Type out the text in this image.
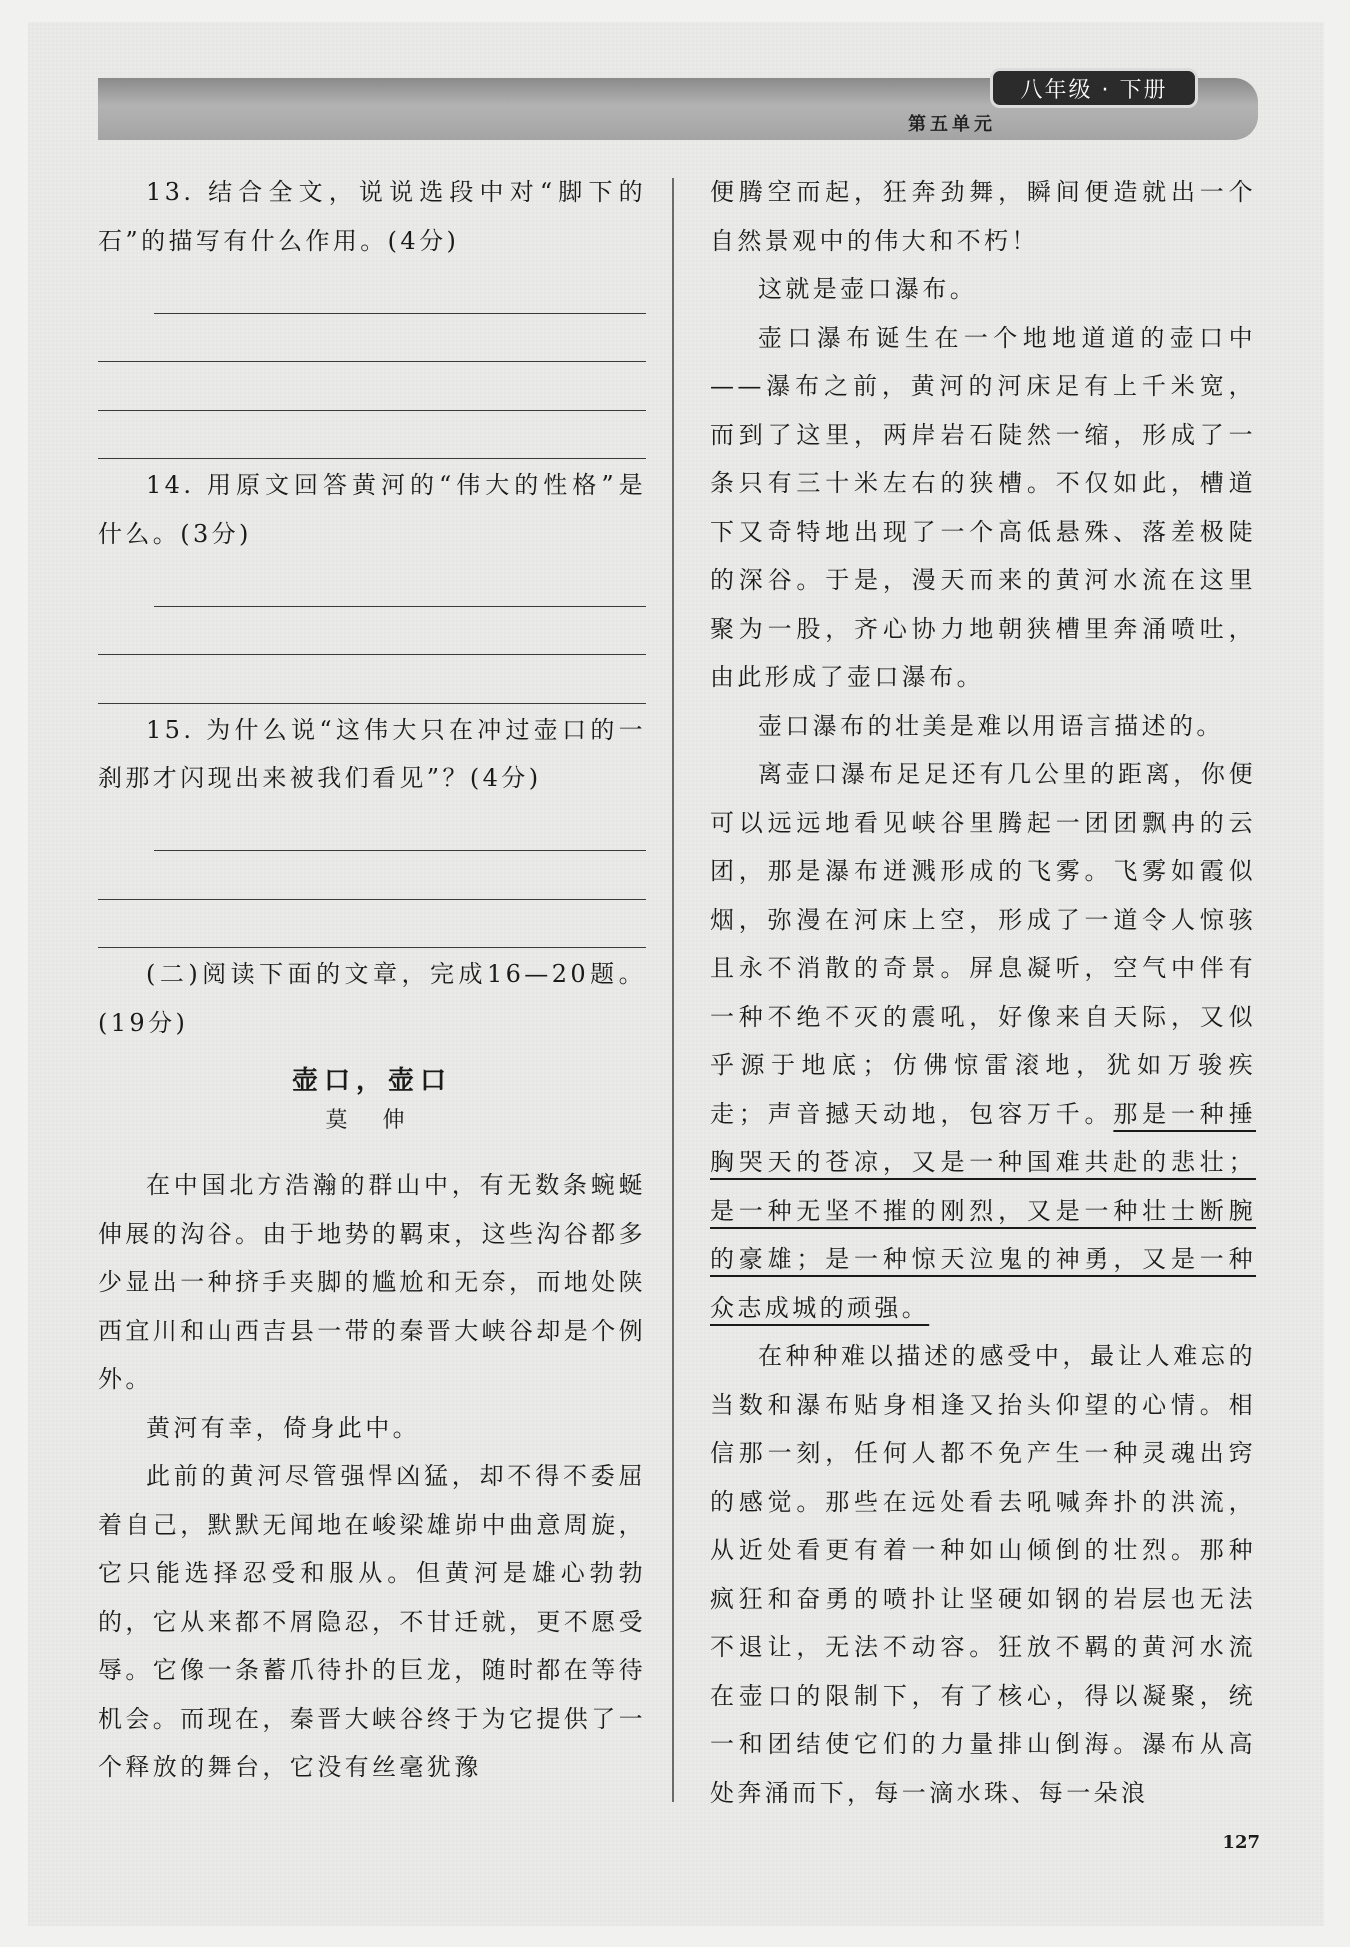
八年级 · 下册
第五单元

13. 结合全文，说说选段中对“脚下的石”的描写有什么作用。(4分)

14. 用原文回答黄河的“伟大的性格”是什么。(3分)

15. 为什么说“这伟大只在冲过壶口的一刹那才闪现出来被我们看见”？(4分)

(二)阅读下面的文章，完成16—20题。(19分)

壶口，壶口
莫 伸

在中国北方浩瀚的群山中，有无数条蜿蜒伸展的沟谷。由于地势的羁束，这些沟谷都多少显出一种挤手夹脚的尴尬和无奈，而地处陕西宜川和山西吉县一带的秦晋大峡谷却是个例外。

黄河有幸，倚身此中。

此前的黄河尽管强悍凶猛，却不得不委屈着自己，默默无闻地在峻梁雄峁中曲意周旋，它只能选择忍受和服从。但黄河是雄心勃勃的，它从来都不屑隐忍，不甘迁就，更不愿受辱。它像一条蓄爪待扑的巨龙，随时都在等待机会。而现在，秦晋大峡谷终于为它提供了一个释放的舞台，它没有丝毫犹豫

便腾空而起，狂奔劲舞，瞬间便造就出一个自然景观中的伟大和不朽！

这就是壶口瀑布。

壶口瀑布诞生在一个地地道道的壶口中——瀑布之前，黄河的河床足有上千米宽，而到了这里，两岸岩石陡然一缩，形成了一条只有三十米左右的狭槽。不仅如此，槽道下又奇特地出现了一个高低悬殊、落差极陡的深谷。于是，漫天而来的黄河水流在这里聚为一股，齐心协力地朝狭槽里奔涌喷吐，由此形成了壶口瀑布。

壶口瀑布的壮美是难以用语言描述的。

离壶口瀑布足足还有几公里的距离，你便可以远远地看见峡谷里腾起一团团飘冉的云团，那是瀑布迸溅形成的飞雾。飞雾如霞似烟，弥漫在河床上空，形成了一道令人惊骇且永不消散的奇景。屏息凝听，空气中伴有一种不绝不灭的震吼，好像来自天际，又似乎源于地底；仿佛惊雷滚地，犹如万骏疾走；声音撼天动地，包容万千。那是一种捶胸哭天的苍凉，又是一种国难共赴的悲壮；是一种无坚不摧的刚烈，又是一种壮士断腕的豪雄；是一种惊天泣鬼的神勇，又是一种众志成城的顽强。

在种种难以描述的感受中，最让人难忘的当数和瀑布贴身相逢又抬头仰望的心情。相信那一刻，任何人都不免产生一种灵魂出窍的感觉。那些在远处看去吼喊奔扑的洪流，从近处看更有着一种如山倾倒的壮烈。那种疯狂和奋勇的喷扑让坚硬如钢的岩层也无法不退让，无法不动容。狂放不羁的黄河水流在壶口的限制下，有了核心，得以凝聚，统一和团结使它们的力量排山倒海。瀑布从高处奔涌而下，每一滴水珠、每一朵浪

127
